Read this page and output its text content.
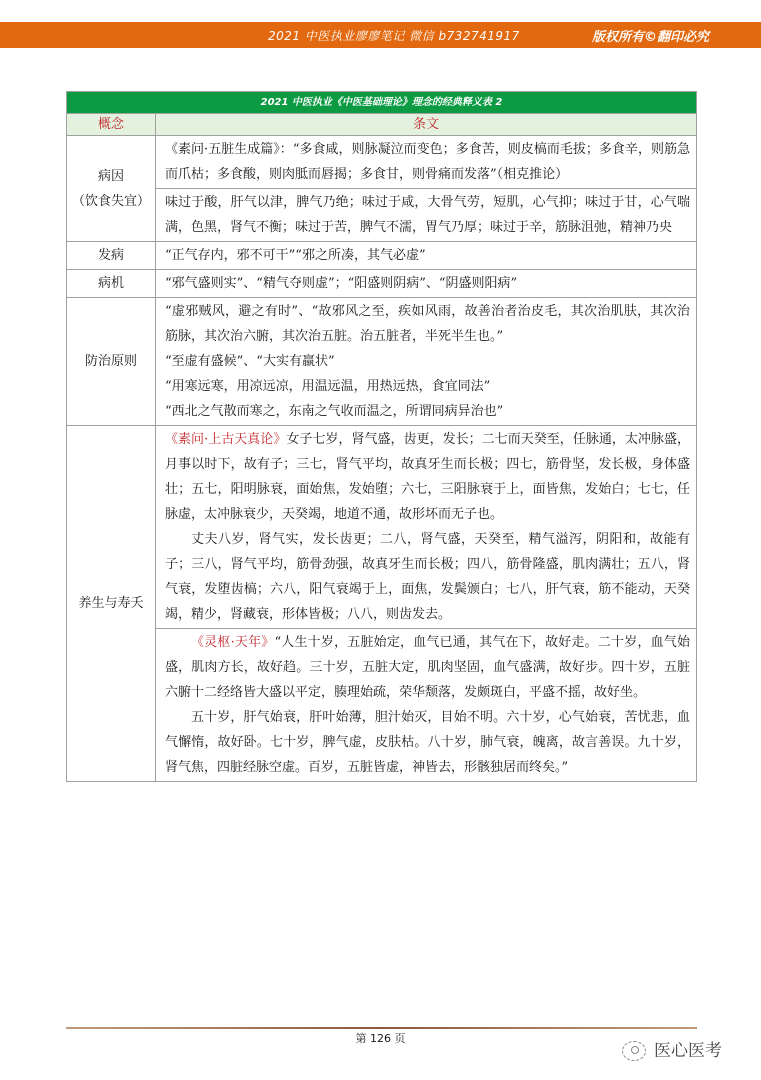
2021 中医执业廖廖笔记 微信 b732741917	版权所有©翻印必究
2021 中医执业《中医基础理论》理念的经典释义表 2	
概念	条文

病因
（饮食失宜）	《素问·五脏生成篇》：“多食咸，则脉凝泣而变色；多食苦，则皮槁而毛拔；多食辛，则筋急而爪枯；多食酸，则肉胝而唇揭；多食甘，则骨痛而发落”（相克推论）
	味过于酸，肝气以津，脾气乃绝；味过于咸，大骨气劳，短肌，心气抑；味过于甘，心气喘满，色黑，肾气不衡；味过于苦，脾气不濡，胃气乃厚；味过于辛，筋脉沮弛，精神乃央
发病	“正气存内，邪不可干”“邪之所凑，其气必虚”
病机	“邪气盛则实”、“精气夺则虚”；“阳盛则阴病”、“阴盛则阳病”
防治原则	“虚邪贼风，避之有时”、“故邪风之至，疾如风雨，故善治者治皮毛，其次治肌肤，其次治筋脉，其次治六腑，其次治五脏。治五脏者，半死半生也。”
“至虚有盛候”、“大实有羸状”
“用寒远寒，用凉远凉，用温远温，用热远热，食宜同法”
“西北之气散而寒之，东南之气收而温之，所谓同病异治也”

养生与寿夭	《素问·上古天真论》女子七岁，肾气盛，齿更，发长；二七而天癸至，任脉通，太冲脉盛，月事以时下，故有子；三七，肾气平均，故真牙生而长极；四七，筋骨坚，发长极，身体盛壮；五七，阳明脉衰，面始焦，发始堕；六七，三阳脉衰于上，面皆焦，发始白；七七，任脉虚，太冲脉衰少，天癸竭，地道不通，故形坏而无子也。
丈夫八岁，肾气实，发长齿更；二八，肾气盛，天癸至，精气溢泻，阴阳和，故能有子；三八，肾气平均，筋骨劲强，故真牙生而长极；四八，筋骨隆盛，肌肉满壮；五八，肾气衰，发堕齿槁；六八，阳气衰竭于上，面焦，发鬓颁白；七八，肝气衰，筋不能动，天癸竭，精少，肾藏衰，形体皆极；八八，则齿发去。

	《灵枢·天年》“人生十岁，五脏始定，血气已通，其气在下，故好走。二十岁，血气始盛，肌肉方长，故好趋。三十岁，五脏大定，肌肉坚固，血气盛满，故好步。四十岁，五脏六腑十二经络皆大盛以平定，腠理始疏，荣华颓落，发颇斑白，平盛不摇，故好坐。
五十岁，肝气始衰，肝叶始薄，胆汁始灭，目始不明。六十岁，心气始衰，苦忧悲，血气懈惰，故好卧。七十岁，脾气虚，皮肤枯。八十岁，肺气衰，魄离，故言善误。九十岁，肾气焦，四脏经脉空虚。百岁，五脏皆虚，神皆去，形骸独居而终矣。”
第 126 页
医心医考
